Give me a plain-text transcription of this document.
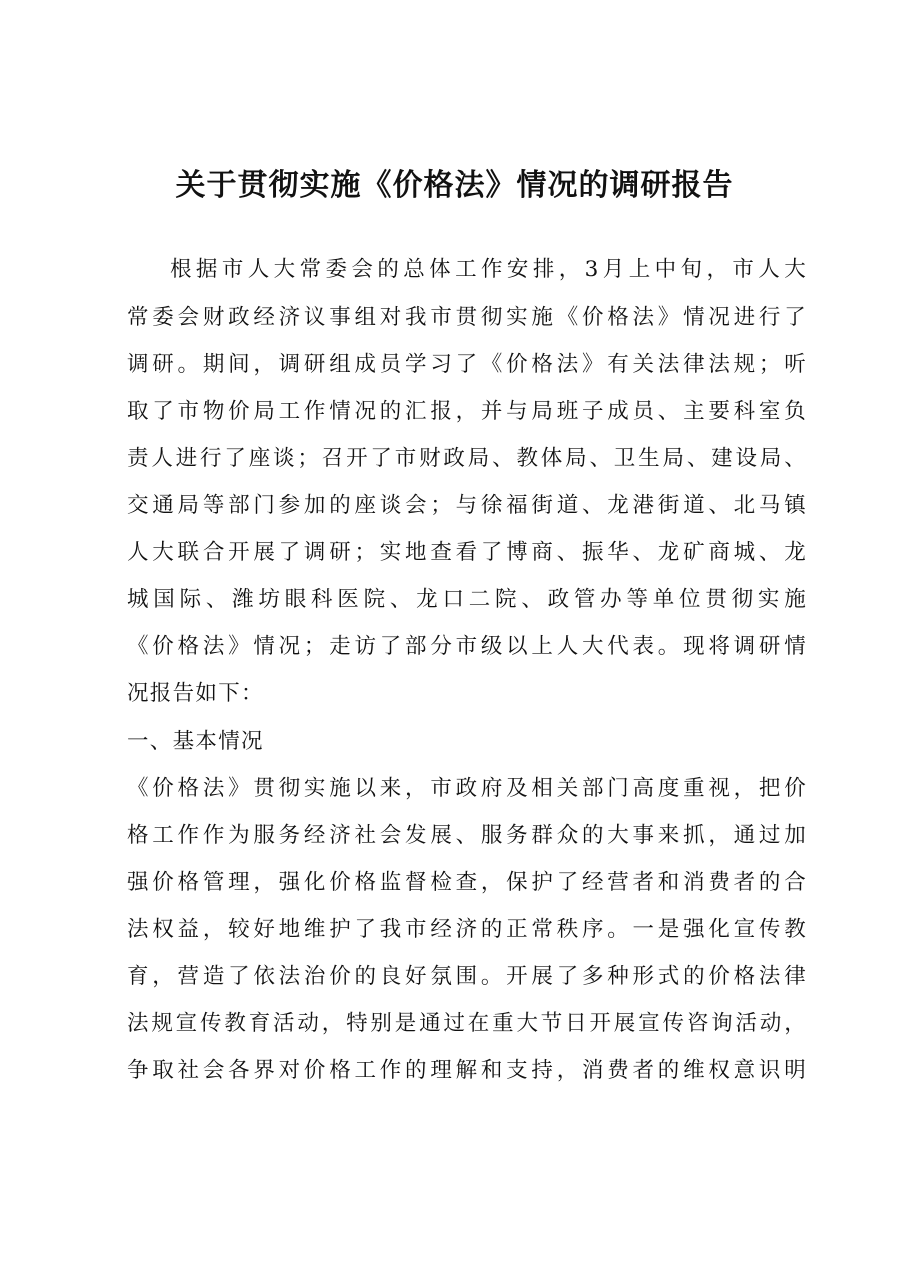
关于贯彻实施《价格法》情况的调研报告
根据市人大常委会的总体工作安排，3月上中旬，市人大
常委会财政经济议事组对我市贯彻实施《价格法》情况进行了
调研。期间，调研组成员学习了《价格法》有关法律法规；听
取了市物价局工作情况的汇报，并与局班子成员、主要科室负
责人进行了座谈；召开了市财政局、教体局、卫生局、建设局、
交通局等部门参加的座谈会；与徐福街道、龙港街道、北马镇
人大联合开展了调研；实地查看了博商、振华、龙矿商城、龙
城国际、潍坊眼科医院、龙口二院、政管办等单位贯彻实施
《价格法》情况；走访了部分市级以上人大代表。现将调研情
况报告如下：
一、基本情况
《价格法》贯彻实施以来，市政府及相关部门高度重视，把价
格工作作为服务经济社会发展、服务群众的大事来抓，通过加
强价格管理，强化价格监督检查，保护了经营者和消费者的合
法权益，较好地维护了我市经济的正常秩序。一是强化宣传教
育，营造了依法治价的良好氛围。开展了多种形式的价格法律
法规宣传教育活动，特别是通过在重大节日开展宣传咨询活动，
争取社会各界对价格工作的理解和支持，消费者的维权意识明
